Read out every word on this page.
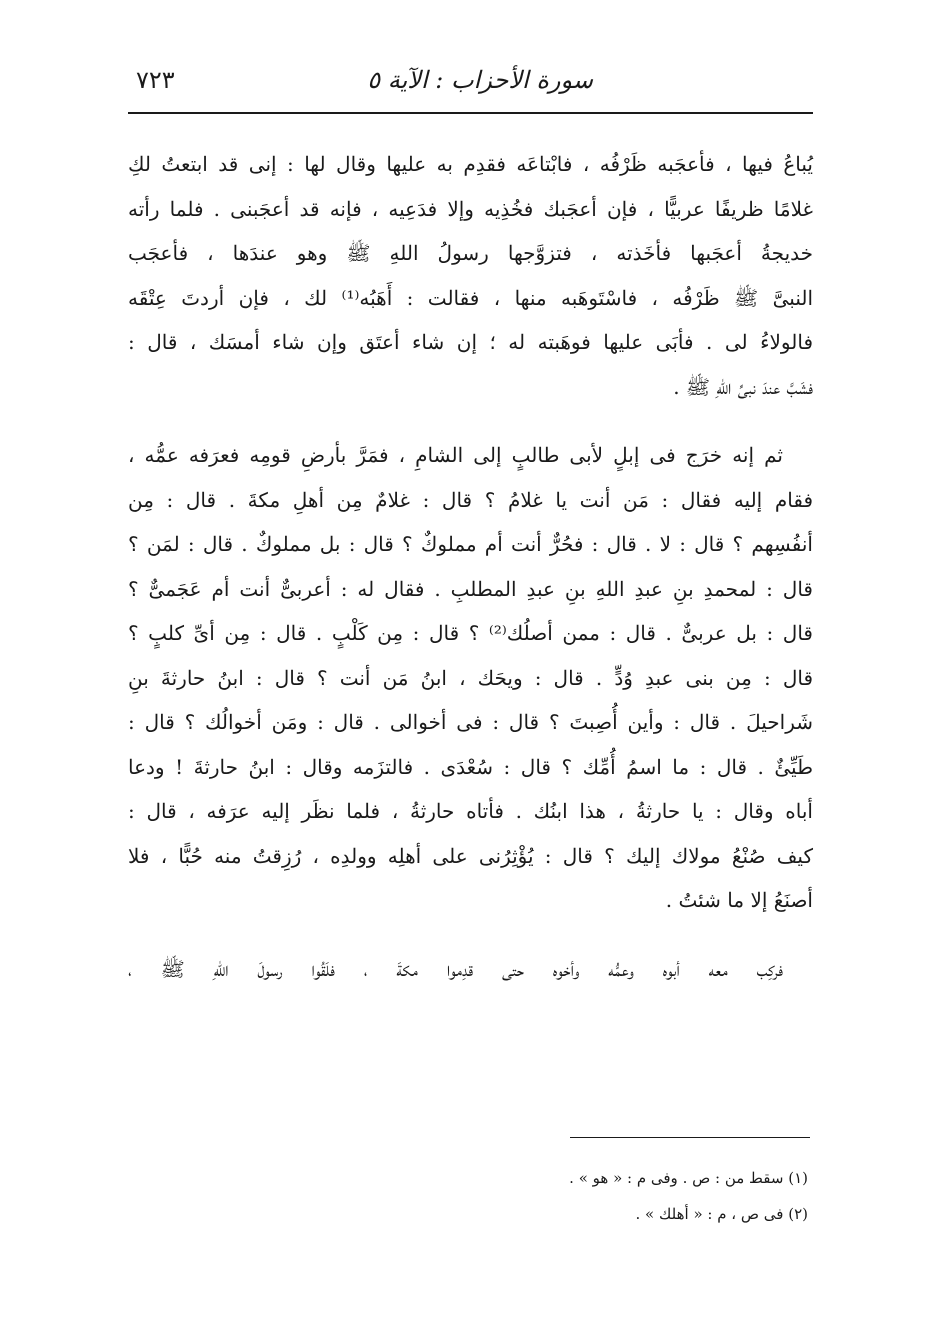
سورة الأحزاب : الآية ٥
٧٢٣
يُباعُ فيها ، فأعجَبه ظَرْفُه ، فابْتاعَه فقدِم به عليها وقال لها : إنى قد ابتعتُ لكِ
غلامًا ظريفًا عربيًّا ، فإن أعجَبك فخُذِيه وإلا فدَعِيه ، فإنه قد أعجَبنى . فلما رأته
خديجةُ أعجَبها فأخَذته ، فتزوَّجها رسولُ اللهِ ﷺ وهو عندَها ، فأعجَب
النبىَّ ﷺ ظَرْفُه ، فاسْتَوهَبه منها ، فقالت : أَهَبُه⁽¹⁾ لك ، فإن أردتَ عِتْقَه
فالولاءُ لى . فأبَى عليها فوهَبته له ؛ إن شاء أعتَق وإن شاء أمسَك ، قال :
فشَبَّ عندَ نبىِّ اللهِ ﷺ .
ثم إنه خرَج فى إبلٍ لأبى طالبٍ إلى الشامِ ، فمَرَّ بأرضِ قومِه فعرَفه عمُّه ،
فقام إليه فقال : مَن أنت يا غلامُ ؟ قال : غلامٌ مِن أهلِ مكةَ . قال : مِن
أنفُسِهم ؟ قال : لا . قال : فحُرٌّ أنت أم مملوكٌ ؟ قال : بل مملوكٌ . قال : لمَن ؟
قال : لمحمدِ بنِ عبدِ اللهِ بنِ عبدِ المطلبِ . فقال له : أعربىٌّ أنت أم عَجَمىٌّ ؟
قال : بل عربىٌّ . قال : ممن أصلُك⁽²⁾ ؟ قال : مِن كَلْبٍ . قال : مِن أىِّ كلبٍ ؟
قال : مِن بنى عبدِ وُدٍّ . قال : ويحَك ، ابنُ مَن أنت ؟ قال : ابنُ حارثةَ بنِ
شَراحيلَ . قال : وأين أُصِبتَ ؟ قال : فى أخوالى . قال : ومَن أخوالُك ؟ قال :
طَيِّئٌ . قال : ما اسمُ أُمِّك ؟ قال : سُعْدَى . فالتزَمه وقال : ابنُ حارثةَ ! ودعا
أباه وقال : يا حارثةُ ، هذا ابنُك . فأتاه حارثةُ ، فلما نظَر إليه عرَفه ، قال :
كيف صُنْعُ مولاك إليك ؟ قال : يُؤْثِرُنى على أهلِه وولدِه ، رُزِقتُ منه حُبًّا ، فلا
أصنَعُ إلا ما شئتُ .
فركِب معه أبوه وعمُّه وأخوه حتى قدِموا مكةَ ، فلَقُوا رسولَ اللهِ ﷺ ،
(١) سقط من : ص . وفى م : « هو » .
(٢) فى ص ، م : « أهلك » .
